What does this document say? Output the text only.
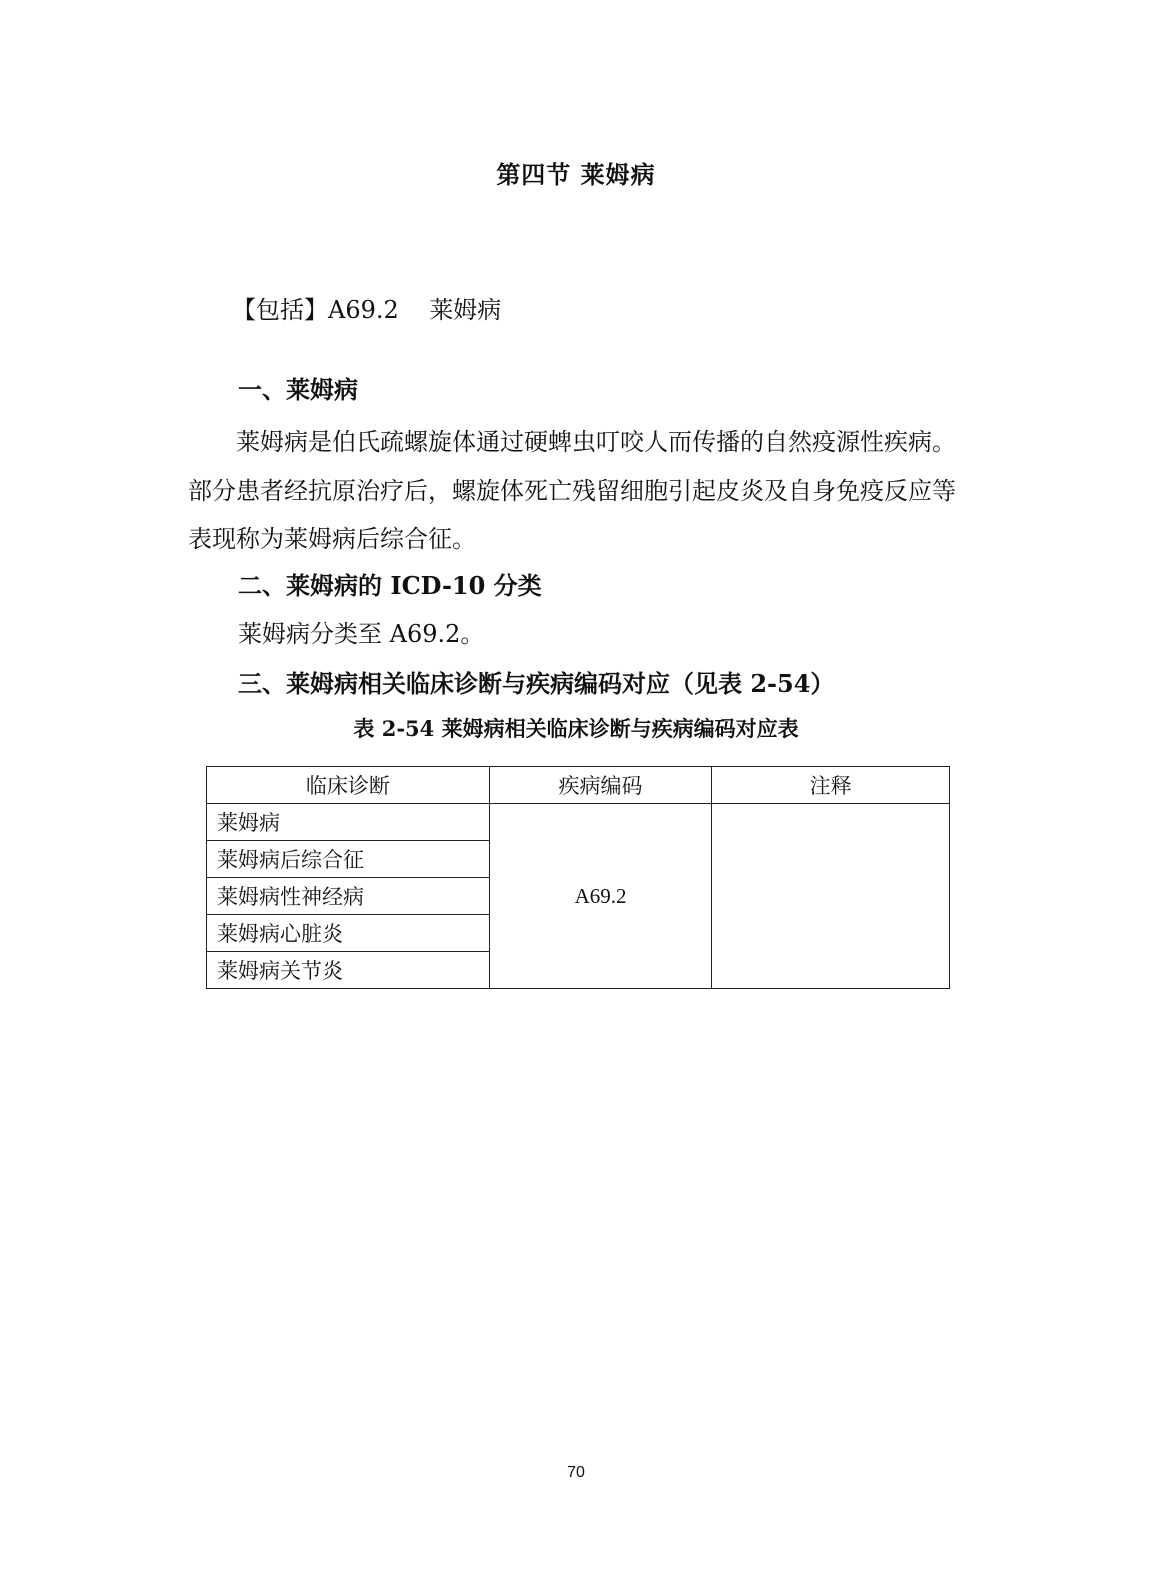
第四节 莱姆病
【包括】A69.2    莱姆病
一、莱姆病
莱姆病是伯氏疏螺旋体通过硬蜱虫叮咬人而传播的自然疫源性疾病。部分患者经抗原治疗后，螺旋体死亡残留细胞引起皮炎及自身免疫反应等表现称为莱姆病后综合征。
二、莱姆病的 ICD-10 分类
莱姆病分类至 A69.2。
三、莱姆病相关临床诊断与疾病编码对应（见表 2-54）
表 2-54 莱姆病相关临床诊断与疾病编码对应表
临床诊断	疾病编码	注释
莱姆病	A69.2	
莱姆病后综合征		
莱姆病性神经病		
莱姆病心脏炎		
莱姆病关节炎		
70
